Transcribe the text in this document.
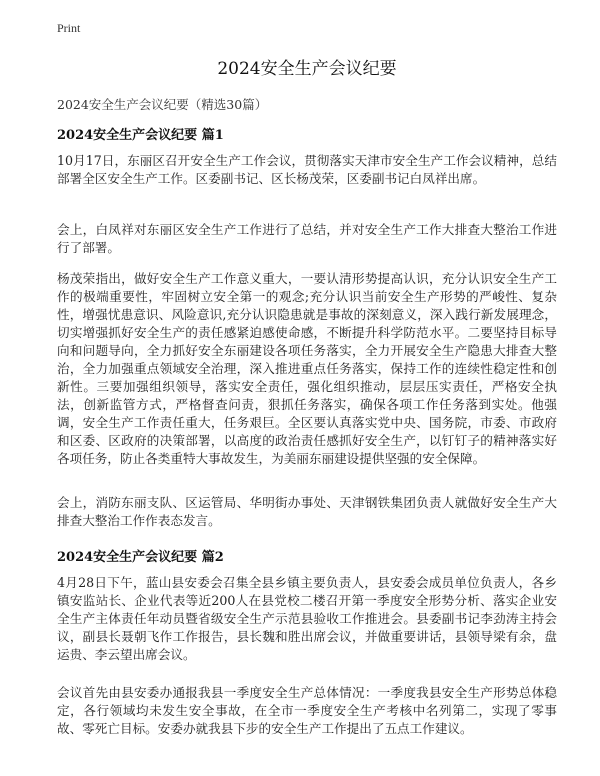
Print
2024安全生产会议纪要

2024安全生产会议纪要（精选30篇）

2024安全生产会议纪要 篇1

10月17日，东丽区召开安全生产工作会议，贯彻落实天津市安全生产工作会议精神，总结部署全区安全生产工作。区委副书记、区长杨茂荣，区委副书记白凤祥出席。

会上，白凤祥对东丽区安全生产工作进行了总结，并对安全生产工作大排查大整治工作进行了部署。

杨茂荣指出，做好安全生产工作意义重大，一要认清形势提高认识，充分认识安全生产工作的极端重要性，牢固树立安全第一的观念;充分认识当前安全生产形势的严峻性、复杂性，增强忧患意识、风险意识,充分认识隐患就是事故的深刻意义，深入践行新发展理念，切实增强抓好安全生产的责任感紧迫感使命感，不断提升科学防范水平。二要坚持目标导向和问题导向，全力抓好安全东丽建设各项任务落实，全力开展安全生产隐患大排查大整治，全力加强重点领域安全治理，深入推进重点任务落实，保持工作的连续性稳定性和创新性。三要加强组织领导，落实安全责任，强化组织推动，层层压实责任，严格安全执法，创新监管方式，严格督查问责，狠抓任务落实，确保各项工作任务落到实处。他强调，安全生产工作责任重大，任务艰巨。全区要认真落实党中央、国务院，市委、市政府和区委、区政府的决策部署，以高度的政治责任感抓好安全生产，以钉钉子的精神落实好各项任务，防止各类重特大事故发生，为美丽东丽建设提供坚强的安全保障。

会上，消防东丽支队、区运管局、华明街办事处、天津钢铁集团负责人就做好安全生产大排查大整治工作作表态发言。

2024安全生产会议纪要 篇2

4月28日下午，蓝山县安委会召集全县乡镇主要负责人，县安委会成员单位负责人，各乡镇安监站长、企业代表等近200人在县党校二楼召开第一季度安全形势分析、落实企业安全生产主体责任年动员暨省级安全生产示范县验收工作推进会。县委副书记李劲涛主持会议，副县长聂朝飞作工作报告，县长魏和胜出席会议，并做重要讲话，县领导梁有余，盘运贵、李云望出席会议。

会议首先由县安委办通报我县一季度安全生产总体情况：一季度我县安全生产形势总体稳定，各行领域均未发生安全事故，在全市一季度安全生产考核中名列第二，实现了零事故、零死亡目标。安委办就我县下步的安全生产工作提出了五点工作建议。
